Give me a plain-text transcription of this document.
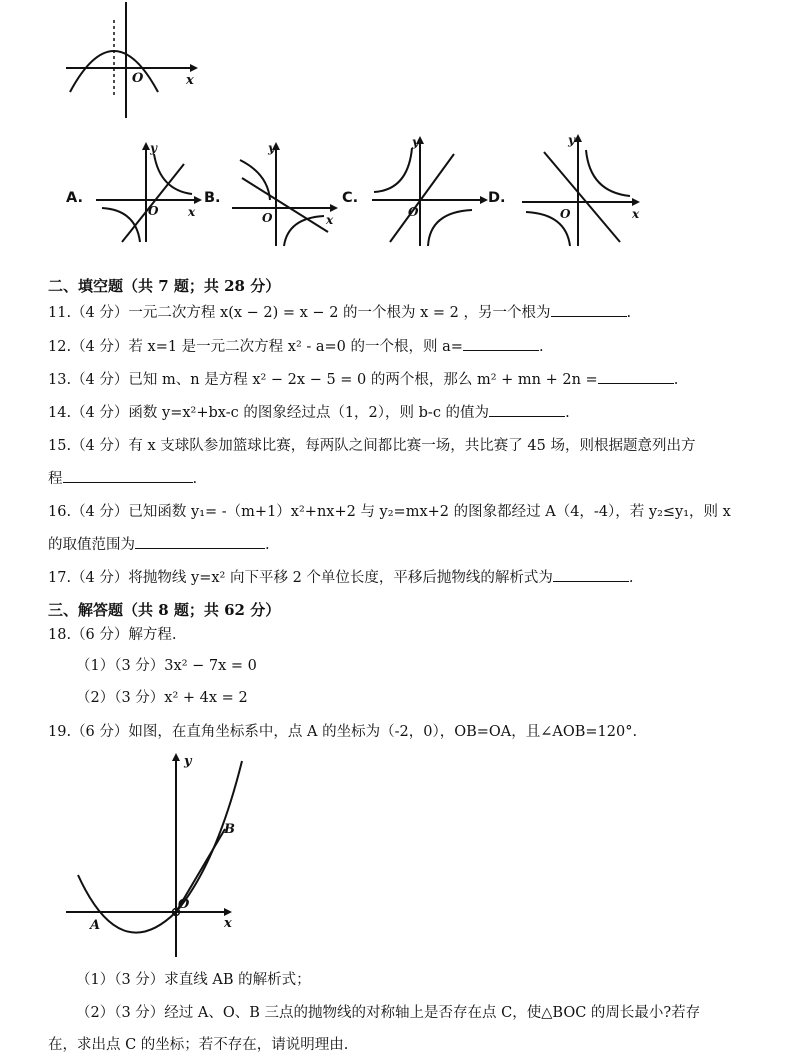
O	x
A.
y
O x
B.
y
O	x
C.
y
O
D.
y
O	x
二、填空题（共 7 题；共 28 分）
11.（4 分）一元二次方程 x(x − 2) = x − 2 的一个根为 x = 2 ，另一个根为	.
12.（4 分）若 x=1 是一元二次方程 x² - a=0 的一个根，则 a=	.
13.（4 分）已知 m、n 是方程 x² − 2x − 5 = 0 的两个根，那么 m² + mn + 2n =	.
14.（4 分）函数 y=x²+bx-c 的图象经过点（1，2），则 b-c 的值为	.
15.（4 分）有 x 支球队参加篮球比赛，每两队之间都比赛一场，共比赛了 45 场，则根据题意列出方
程	.
16.（4 分）已知函数 y₁= -（m+1）x²+nx+2 与 y₂=mx+2 的图象都经过 A（4，-4），若 y₂≤y₁，则 x
的取值范围为	.
17.（4 分）将抛物线 y=x² 向下平移 2 个单位长度，平移后抛物线的解析式为	.
三、解答题（共 8 题；共 62 分）
18.（6 分）解方程.
（1）（3 分）3x² − 7x = 0
（2）（3 分）x² + 4x = 2
19.（6 分）如图，在直角坐标系中，点 A 的坐标为（-2，0），OB=OA，且∠AOB=120°.
y
x
A
O
B
（1）（3 分）求直线 AB 的解析式；
（2）（3 分）经过 A、O、B 三点的抛物线的对称轴上是否存在点 C，使△BOC 的周长最小?若存
在，求出点 C 的坐标；若不存在，请说明理由.
